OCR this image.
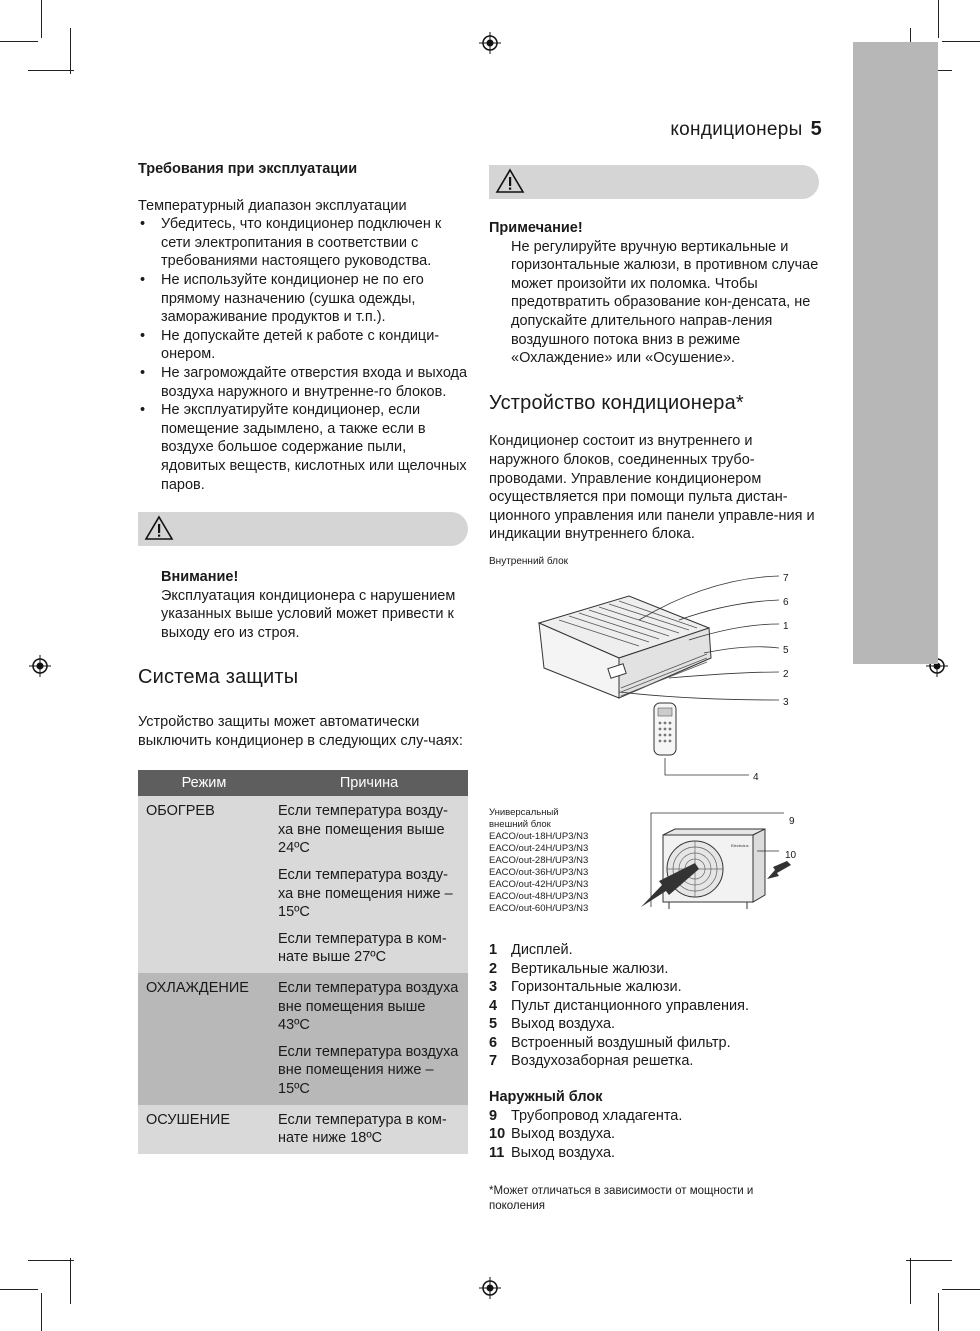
кондиционеры 5
Требования при эксплуатации
Температурный диапазон эксплуатации
• Убедитесь, что кондиционер подключен к сети электропитания в соответствии с требованиями настоящего руководства.
• Не используйте кондиционер не по его прямому назначению (сушка одежды, замораживание продуктов и т.п.).
• Не допускайте детей к работе с кондици-онером.
• Не загромождайте отверстия входа и выхода воздуха наружного и внутренне-го блоков.
• Не эксплуатируйте кондиционер, если помещение задымлено, а также если в воздухе большое содержание пыли, ядовитых веществ, кислотных или щелочных паров.
Внимание!
Эксплуатация кондиционера с нарушением указанных выше условий может привести к выходу его из строя.
Система защиты
Устройство защиты может автоматически выключить кондиционер в следующих слу-чаях:
Режим	Причина
ОБОГРЕВ	Если температура возду-ха вне помещения выше 24ºС
Если температура возду-ха вне помещения ниже –15ºС
Если температура в ком-нате выше 27ºС

ОХЛАЖДЕНИЕ	Если температура воздуха вне помещения выше 43ºС
Если температура воздуха вне помещения ниже –15ºС

ОСУШЕНИЕ	Если температура в ком-нате ниже 18ºС
Примечание!
Не регулируйте вручную вертикальные и горизонтальные жалюзи, в противном случае может произойти их поломка. Чтобы предотвратить образование кон-денсата, не допускайте длительного направ-ления воздушного потока вниз в режиме «Охлаждение» или «Осушение».
Устройство кондиционера*
Кондиционер состоит из внутреннего и наружного блоков, соединенных трубо-проводами. Управление кондиционером осуществляется при помощи пульта дистан-ционного управления или панели управле-ния и индикации внутреннего блока.
Внутренний блок
7
6
1
5
2
3
4
Универсальный
внешний блок
EACO/out-18H/UP3/N3
EACO/out-24H/UP3/N3
EACO/out-28H/UP3/N3
EACO/out-36H/UP3/N3
EACO/out-42H/UP3/N3
EACO/out-48H/UP3/N3
EACO/out-60H/UP3/N3
Electrolux
9
10
1 Дисплей.
2 Вертикальные жалюзи.
3 Горизонтальные жалюзи.
4 Пульт дистанционного управления.
5 Выход воздуха.
6 Встроенный воздушный фильтр.
7 Воздухозаборная решетка.
Наружный блок
9 Трубопровод хладагента.
10 Выход воздуха.
11 Выход воздуха.
*Может отличаться в зависимости от мощности и поколения
